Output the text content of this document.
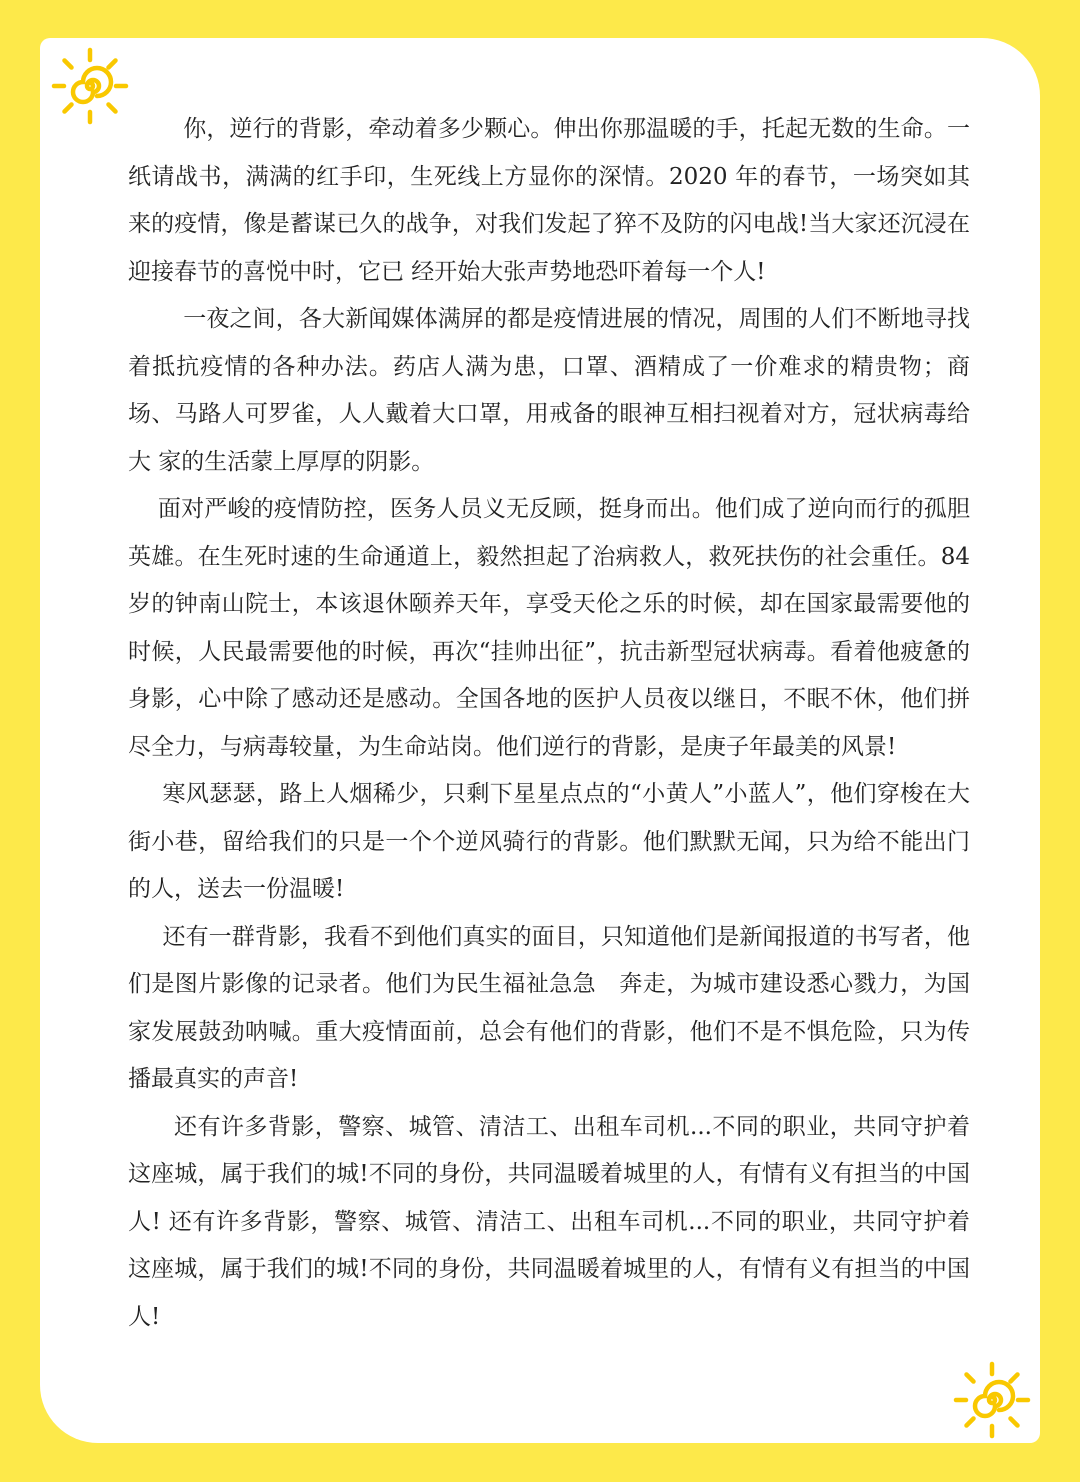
你，逆行的背影，牵动着多少颗心。伸出你那温暖的手，托起无数的生命。一纸请战书，满满的红手印，生死线上方显你的深情。2020 年的春节，一场突如其来的疫情，像是蓄谋已久的战争，对我们发起了猝不及防的闪电战!当大家还沉浸在迎接春节的喜悦中时，它已 经开始大张声势地恐吓着每一个人!

一夜之间，各大新闻媒体满屏的都是疫情进展的情况，周围的人们不断地寻找着抵抗疫情的各种办法。药店人满为患，口罩、酒精成了一价难求的精贵物；商场、马路人可罗雀，人人戴着大口罩，用戒备的眼神互相扫视着对方，冠状病毒给大 家的生活蒙上厚厚的阴影。

面对严峻的疫情防控，医务人员义无反顾，挺身而出。他们成了逆向而行的孤胆英雄。在生死时速的生命通道上，毅然担起了治病救人，救死扶伤的社会重任。84 岁的钟南山院士，本该退休颐养天年，享受天伦之乐的时候，却在国家最需要他的时候，人民最需要他的时候，再次“挂帅出征”，抗击新型冠状病毒。看着他疲惫的身影，心中除了感动还是感动。全国各地的医护人员夜以继日，不眠不休，他们拼尽全力，与病毒较量，为生命站岗。他们逆行的背影，是庚子年最美的风景!

寒风瑟瑟，路上人烟稀少，只剩下星星点点的“小黄人”小蓝人”，他们穿梭在大街小巷，留给我们的只是一个个逆风骑行的背影。他们默默无闻，只为给不能出门的人，送去一份温暖!

还有一群背影，我看不到他们真实的面目，只知道他们是新闻报道的书写者，他们是图片影像的记录者。他们为民生福祉急急　奔走，为城市建设悉心戮力，为国家发展鼓劲呐喊。重大疫情面前，总会有他们的背影，他们不是不惧危险，只为传播最真实的声音!

还有许多背影，警察、城管、清洁工、出租车司机...不同的职业，共同守护着这座城，属于我们的城!不同的身份，共同温暖着城里的人，有情有义有担当的中国人! 还有许多背影，警察、城管、清洁工、出租车司机...不同的职业，共同守护着这座城，属于我们的城!不同的身份，共同温暖着城里的人，有情有义有担当的中国人!
